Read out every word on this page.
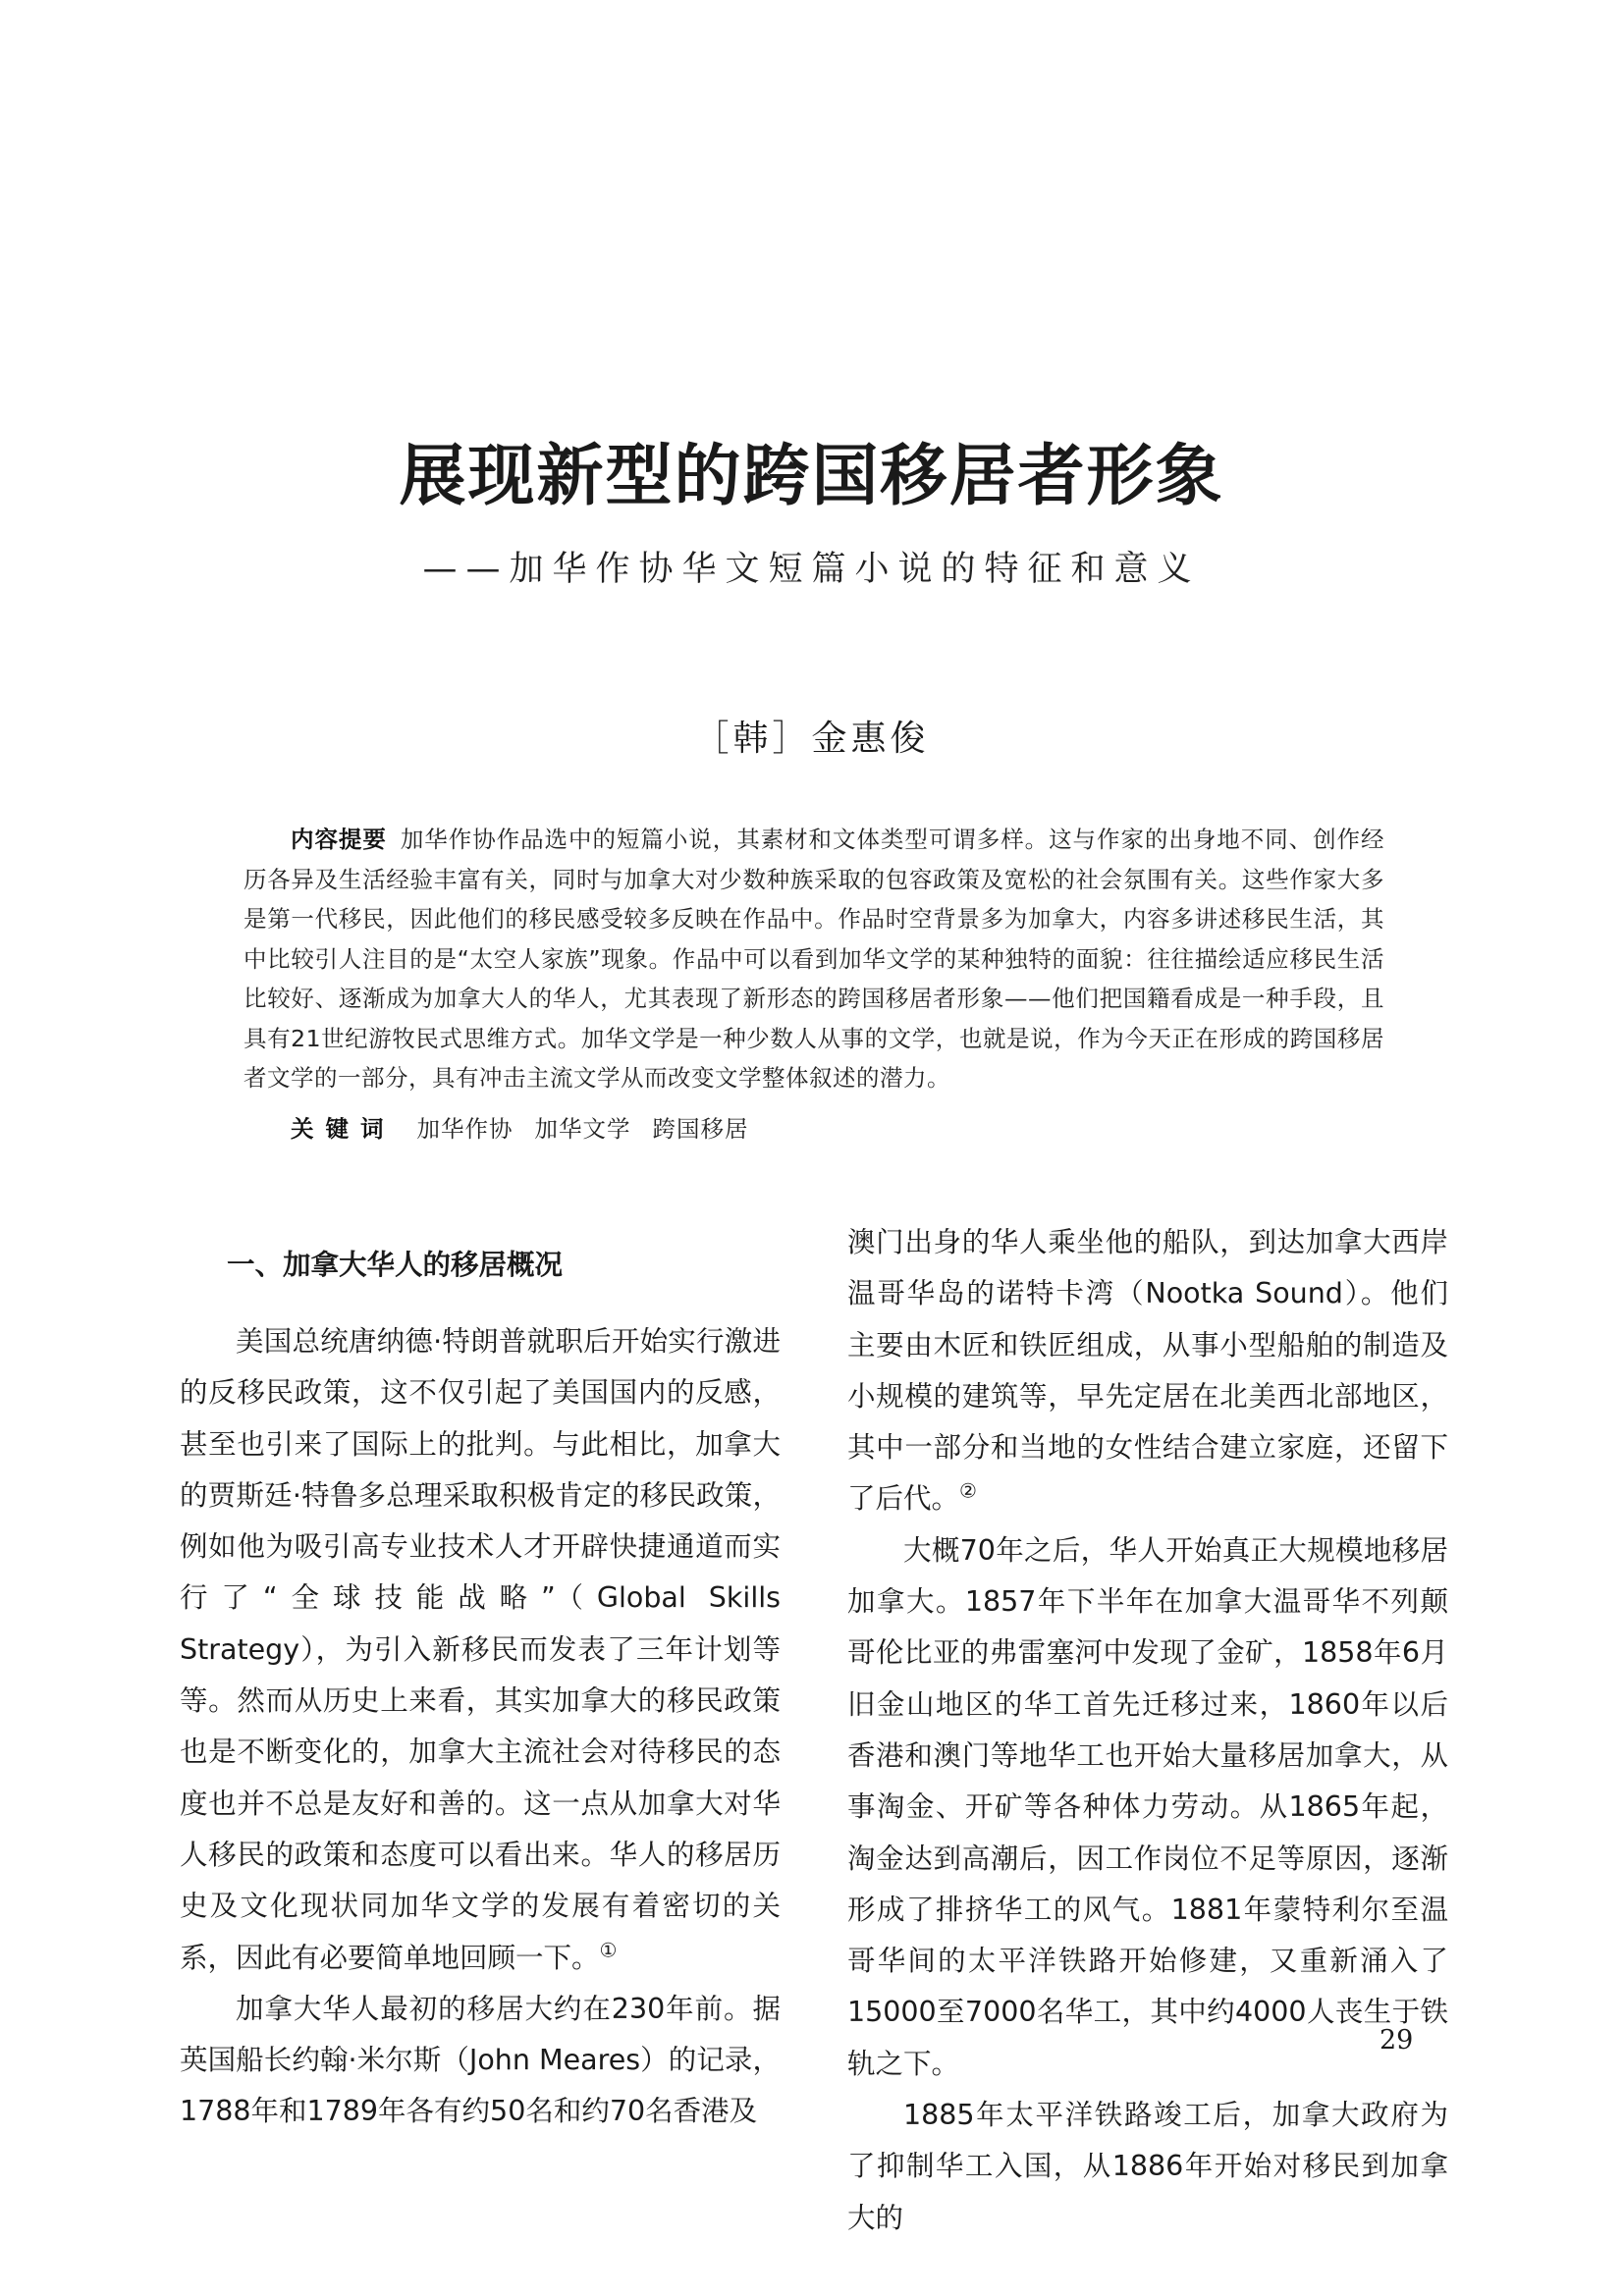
展现新型的跨国移居者形象
——加华作协华文短篇小说的特征和意义
［韩］金惠俊
内容提要 加华作协作品选中的短篇小说，其素材和文体类型可谓多样。这与作家的出身地不同、创作经历各异及生活经验丰富有关，同时与加拿大对少数种族采取的包容政策及宽松的社会氛围有关。这些作家大多是第一代移民，因此他们的移民感受较多反映在作品中。作品时空背景多为加拿大，内容多讲述移民生活，其中比较引人注目的是“太空人家族”现象。作品中可以看到加华文学的某种独特的面貌：往往描绘适应移民生活比较好、逐渐成为加拿大人的华人，尤其表现了新形态的跨国移居者形象——他们把国籍看成是一种手段，且具有21世纪游牧民式思维方式。加华文学是一种少数人从事的文学，也就是说，作为今天正在形成的跨国移居者文学的一部分，具有冲击主流文学从而改变文学整体叙述的潜力。
关键词 加华作协 加华文学 跨国移居
一、加拿大华人的移居概况

美国总统唐纳德·特朗普就职后开始实行激进的反移民政策，这不仅引起了美国国内的反感，甚至也引来了国际上的批判。与此相比，加拿大的贾斯廷·特鲁多总理采取积极肯定的移民政策，例如他为吸引高专业技术人才开辟快捷通道而实行了“全球技能战略”（Global Skills Strategy），为引入新移民而发表了三年计划等等。然而从历史上来看，其实加拿大的移民政策也是不断变化的，加拿大主流社会对待移民的态度也并不总是友好和善的。这一点从加拿大对华人移民的政策和态度可以看出来。华人的移居历史及文化现状同加华文学的发展有着密切的关系，因此有必要简单地回顾一下。①

加拿大华人最初的移居大约在230年前。据英国船长约翰·米尔斯（John Meares）的记录，1788年和1789年各有约50名和约70名香港及

澳门出身的华人乘坐他的船队，到达加拿大西岸温哥华岛的诺特卡湾（Nootka Sound）。他们主要由木匠和铁匠组成，从事小型船舶的制造及小规模的建筑等，早先定居在北美西北部地区，其中一部分和当地的女性结合建立家庭，还留下了后代。②

大概70年之后，华人开始真正大规模地移居加拿大。1857年下半年在加拿大温哥华不列颠哥伦比亚的弗雷塞河中发现了金矿，1858年6月旧金山地区的华工首先迁移过来，1860年以后香港和澳门等地华工也开始大量移居加拿大，从事淘金、开矿等各种体力劳动。从1865年起，淘金达到高潮后，因工作岗位不足等原因，逐渐形成了排挤华工的风气。1881年蒙特利尔至温哥华间的太平洋铁路开始修建，又重新涌入了15000至7000名华工，其中约4000人丧生于铁轨之下。

1885年太平洋铁路竣工后，加拿大政府为了抑制华工入国，从1886年开始对移民到加拿大的

29
